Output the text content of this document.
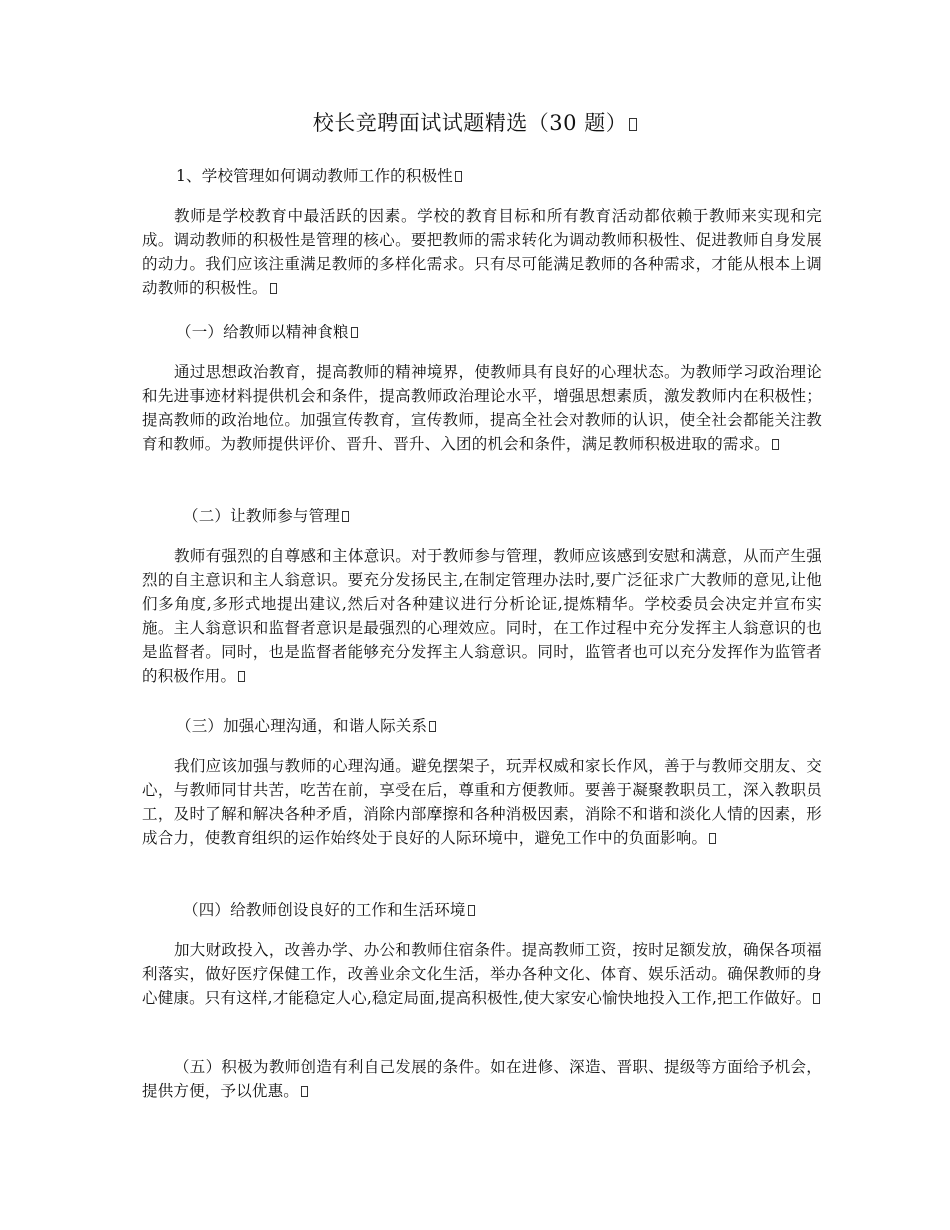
校长竞聘面试试题精选（30 题）
1、学校管理如何调动教师工作的积极性
教师是学校教育中最活跃的因素。学校的教育目标和所有教育活动都依赖于教师来实现和完成。调动教师的积极性是管理的核心。要把教师的需求转化为调动教师积极性、促进教师自身发展的动力。我们应该注重满足教师的多样化需求。只有尽可能满足教师的各种需求，才能从根本上调动教师的积极性。
（一）给教师以精神食粮
通过思想政治教育，提高教师的精神境界，使教师具有良好的心理状态。为教师学习政治理论和先进事迹材料提供机会和条件，提高教师政治理论水平，增强思想素质，激发教师内在积极性；提高教师的政治地位。加强宣传教育，宣传教师，提高全社会对教师的认识，使全社会都能关注教育和教师。为教师提供评价、晋升、晋升、入团的机会和条件，满足教师积极进取的需求。
（二）让教师参与管理
教师有强烈的自尊感和主体意识。对于教师参与管理，教师应该感到安慰和满意，从而产生强烈的自主意识和主人翁意识。要充分发扬民主,在制定管理办法时,要广泛征求广大教师的意见,让他们多角度,多形式地提出建议,然后对各种建议进行分析论证,提炼精华。学校委员会决定并宣布实施。主人翁意识和监督者意识是最强烈的心理效应。同时，在工作过程中充分发挥主人翁意识的也是监督者。同时，也是监督者能够充分发挥主人翁意识。同时，监管者也可以充分发挥作为监管者的积极作用。
（三）加强心理沟通，和谐人际关系
我们应该加强与教师的心理沟通。避免摆架子，玩弄权威和家长作风，善于与教师交朋友、交心，与教师同甘共苦，吃苦在前，享受在后，尊重和方便教师。要善于凝聚教职员工，深入教职员工，及时了解和解决各种矛盾，消除内部摩擦和各种消极因素，消除不和谐和淡化人情的因素，形成合力，使教育组织的运作始终处于良好的人际环境中，避免工作中的负面影响。
（四）给教师创设良好的工作和生活环境
加大财政投入，改善办学、办公和教师住宿条件。提高教师工资，按时足额发放，确保各项福利落实，做好医疗保健工作，改善业余文化生活，举办各种文化、体育、娱乐活动。确保教师的身心健康。只有这样,才能稳定人心,稳定局面,提高积极性,使大家安心愉快地投入工作,把工作做好。
（五）积极为教师创造有利自己发展的条件。如在进修、深造、晋职、提级等方面给予机会，提供方便，予以优惠。
